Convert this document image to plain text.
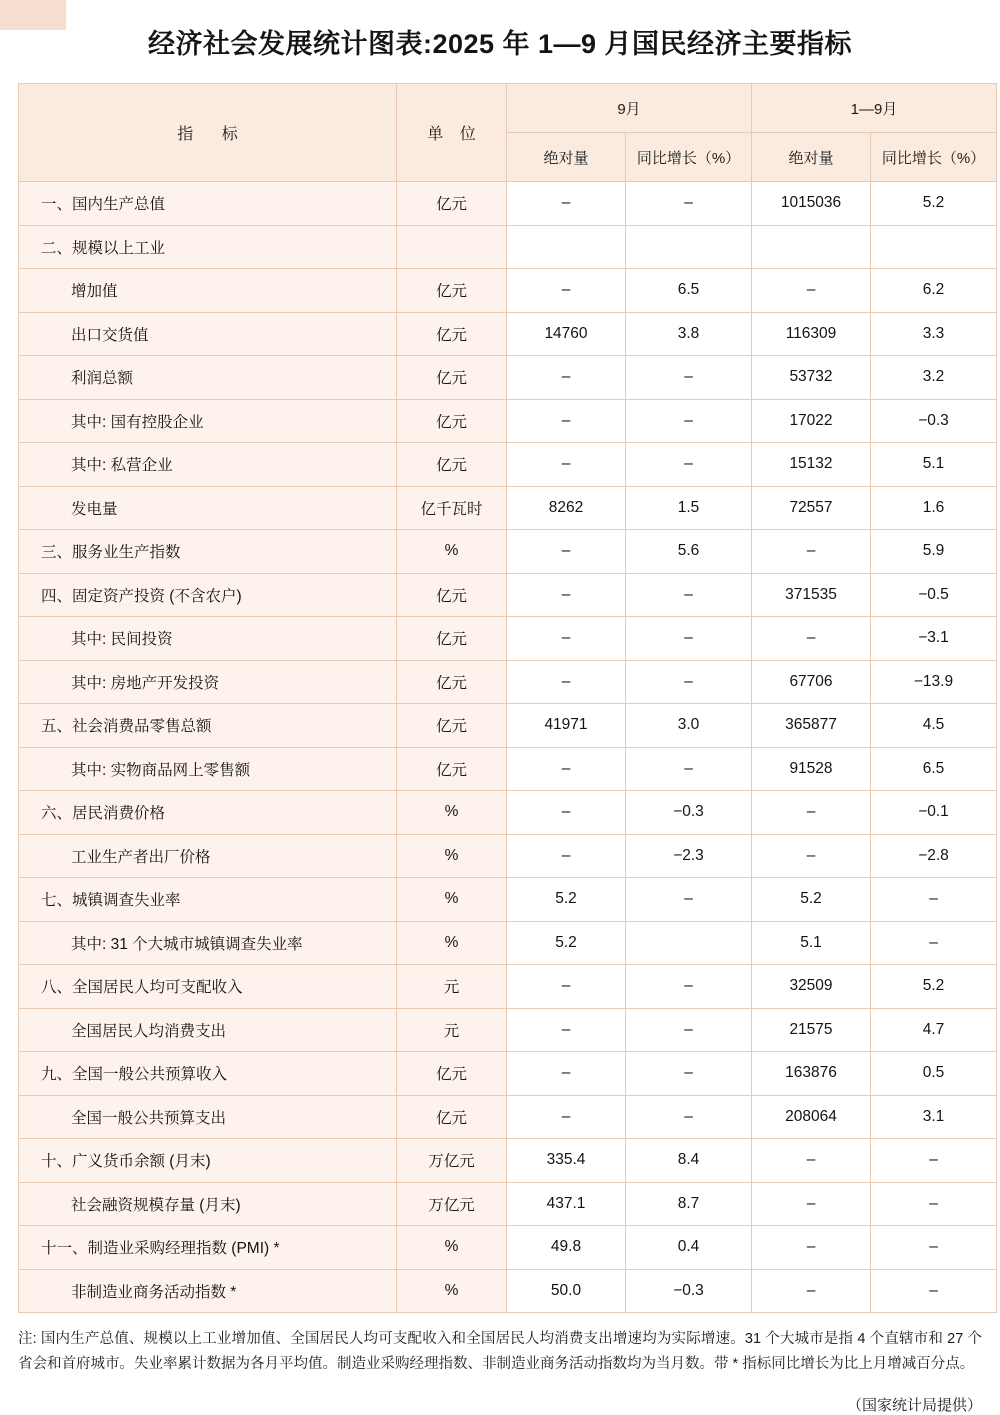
经济社会发展统计图表:2025 年 1—9 月国民经济主要指标
指 标	单 位	9月		1—9月	
		绝对量	同比增长（%）	绝对量	同比增长（%）
一、国内生产总值	亿元	–	–	1015036	5.2
二、规模以上工业					
增加值	亿元	–	6.5	–	6.2
出口交货值	亿元	14760	3.8	116309	3.3
利润总额	亿元	–	–	53732	3.2
其中: 国有控股企业	亿元	–	–	17022	−0.3
其中: 私营企业	亿元	–	–	15132	5.1
发电量	亿千瓦时	8262	1.5	72557	1.6
三、服务业生产指数	%	–	5.6	–	5.9
四、固定资产投资 (不含农户)	亿元	–	–	371535	−0.5
其中: 民间投资	亿元	–	–	–	−3.1
其中: 房地产开发投资	亿元	–	–	67706	−13.9
五、社会消费品零售总额	亿元	41971	3.0	365877	4.5
其中: 实物商品网上零售额	亿元	–	–	91528	6.5
六、居民消费价格	%	–	−0.3	–	−0.1
工业生产者出厂价格	%	–	−2.3	–	−2.8
七、城镇调查失业率	%	5.2	–	5.2	–
其中: 31 个大城市城镇调查失业率	%	5.2		5.1	–
八、全国居民人均可支配收入	元	–	–	32509	5.2
全国居民人均消费支出	元	–	–	21575	4.7
九、全国一般公共预算收入	亿元	–	–	163876	0.5
全国一般公共预算支出	亿元	–	–	208064	3.1
十、广义货币余额 (月末)	万亿元	335.4	8.4	–	–
社会融资规模存量 (月末)	万亿元	437.1	8.7	–	–
十一、制造业采购经理指数 (PMI) *	%	49.8	0.4	–	–
非制造业商务活动指数 *	%	50.0	−0.3	–	–
注: 国内生产总值、规模以上工业增加值、全国居民人均可支配收入和全国居民人均消费支出增速均为实际增速。31 个大城市是指 4 个直辖市和 27 个省会和首府城市。失业率累计数据为各月平均值。制造业采购经理指数、非制造业商务活动指数均为当月数。带 * 指标同比增长为比上月增减百分点。
（国家统计局提供）
